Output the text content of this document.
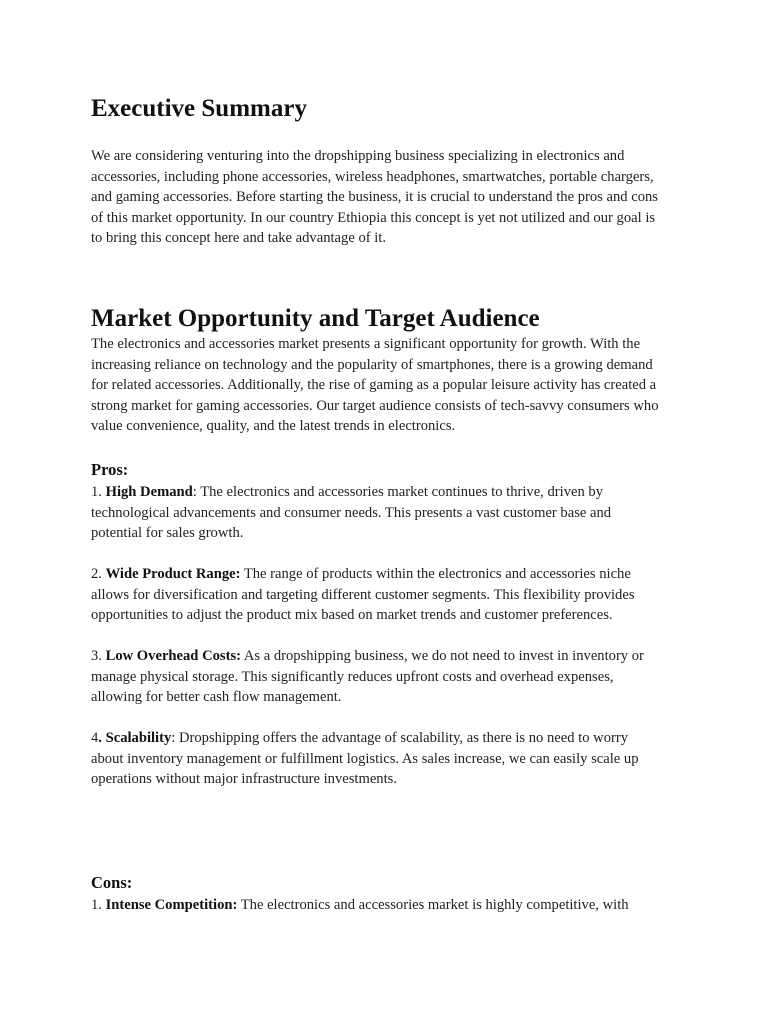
Executive Summary

We are considering venturing into the dropshipping business specializing in electronics and
accessories, including phone accessories, wireless headphones, smartwatches, portable chargers,
and gaming accessories. Before starting the business, it is crucial to understand the pros and cons
of this market opportunity. In our country Ethiopia this concept is yet not utilized and our goal is
to bring this concept here and take advantage of it.

Market Opportunity and Target Audience

The electronics and accessories market presents a significant opportunity for growth. With the
increasing reliance on technology and the popularity of smartphones, there is a growing demand
for related accessories. Additionally, the rise of gaming as a popular leisure activity has created a
strong market for gaming accessories. Our target audience consists of tech-savvy consumers who
value convenience, quality, and the latest trends in electronics.

Pros:

1. High Demand: The electronics and accessories market continues to thrive, driven by
technological advancements and consumer needs. This presents a vast customer base and
potential for sales growth.

2. Wide Product Range: The range of products within the electronics and accessories niche
allows for diversification and targeting different customer segments. This flexibility provides
opportunities to adjust the product mix based on market trends and customer preferences.

3. Low Overhead Costs: As a dropshipping business, we do not need to invest in inventory or
manage physical storage. This significantly reduces upfront costs and overhead expenses,
allowing for better cash flow management.

4. Scalability: Dropshipping offers the advantage of scalability, as there is no need to worry
about inventory management or fulfillment logistics. As sales increase, we can easily scale up
operations without major infrastructure investments.

Cons:

1. Intense Competition: The electronics and accessories market is highly competitive, with
